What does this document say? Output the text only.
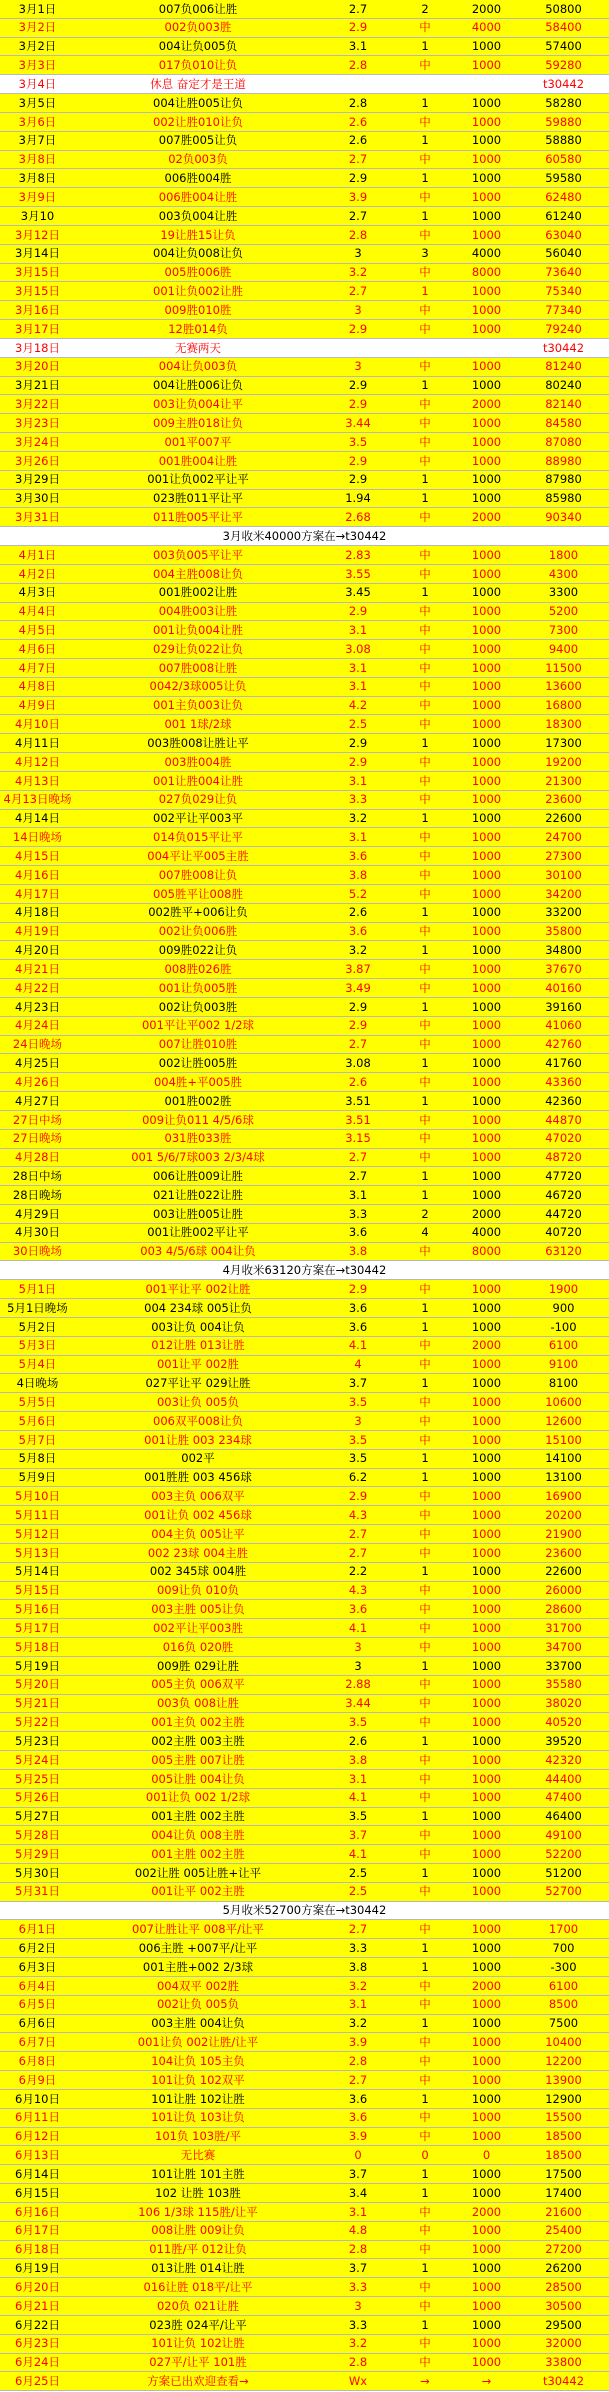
3月1日	007负006让胜	2.7	2	2000	50800
3月2日	002负003胜	2.9	中	4000	58400
3月2日	004让负005负	3.1	1	1000	57400
3月3日	017负010让负	2.8	中	1000	59280
3月4日	休息 奋定才是王道	t30442
3月5日	004让胜005让负	2.8	1	1000	58280
3月6日	002让胜010让负	2.6	中	1000	59880
3月7日	007胜005让负	2.6	1	1000	58880
3月8日	02负003负	2.7	中	1000	60580
3月8日	006胜004胜	2.9	1	1000	59580
3月9日	006胜004让胜	3.9	中	1000	62480
3月10	003负004让胜	2.7	1	1000	61240
3月12日	19让胜15让负	2.8	中	1000	63040
3月14日	004让负008让负	3	3	4000	56040
3月15日	005胜006胜	3.2	中	8000	73640
3月15日	001让负002让胜	2.7	1	1000	75340
3月16日	009胜010胜	3	中	1000	77340
3月17日	12胜014负	2.9	中	1000	79240
3月18日	无赛两天	t30442
3月20日	004让负003负	3	中	1000	81240
3月21日	004让胜006让负	2.9	1	1000	80240
3月22日	003让负004让平	2.9	中	2000	82140
3月23日	009主胜018让负	3.44	中	1000	84580
3月24日	001平007平	3.5	中	1000	87080
3月26日	001胜004让胜	2.9	中	1000	88980
3月29日	001让负002平让平	2.9	1	1000	87980
3月30日	023胜011平让平	1.94	1	1000	85980
3月31日	011胜005平让平	2.68	中	2000	90340
3月收米40000方案在→t30442
4月1日	003负005平让平	2.83	中	1000	1800
4月2日	004主胜008让负	3.55	中	1000	4300
4月3日	001胜002让胜	3.45	1	1000	3300
4月4日	004胜003让胜	2.9	中	1000	5200
4月5日	001让负004让胜	3.1	中	1000	7300
4月6日	029让负022让负	3.08	中	1000	9400
4月7日	007胜008让胜	3.1	中	1000	11500
4月8日	0042/3球005让负	3.1	中	1000	13600
4月9日	001主负003让负	4.2	中	1000	16800
4月10日	001 1球/2球	2.5	中	1000	18300
4月11日	003胜008让胜让平	2.9	1	1000	17300
4月12日	003胜004胜	2.9	中	1000	19200
4月13日	001让胜004让胜	3.1	中	1000	21300
4月13日晚场	027负029让负	3.3	中	1000	23600
4月14日	002平让平003平	3.2	1	1000	22600
14日晚场	014负015平让平	3.1	中	1000	24700
4月15日	004平让平005主胜	3.6	中	1000	27300
4月16日	007胜008让负	3.8	中	1000	30100
4月17日	005胜平让008胜	5.2	中	1000	34200
4月18日	002胜平+006让负	2.6	1	1000	33200
4月19日	002让负006胜	3.6	中	1000	35800
4月20日	009胜022让负	3.2	1	1000	34800
4月21日	008胜026胜	3.87	中	1000	37670
4月22日	001让负005胜	3.49	中	1000	40160
4月23日	002让负003胜	2.9	1	1000	39160
4月24日	001平让平002 1/2球	2.9	中	1000	41060
24日晚场	007让胜010胜	2.7	中	1000	42760
4月25日	002让胜005胜	3.08	1	1000	41760
4月26日	004胜+平005胜	2.6	中	1000	43360
4月27日	001胜002胜	3.51	1	1000	42360
27日中场	009让负011 4/5/6球	3.51	中	1000	44870
27日晚场	031胜033胜	3.15	中	1000	47020
4月28日	001 5/6/7球003 2/3/4球	2.7	中	1000	48720
28日中场	006让胜009让胜	2.7	1	1000	47720
28日晚场	021让胜022让胜	3.1	1	1000	46720
4月29日	003让胜005让胜	3.3	2	2000	44720
4月30日	001让胜002平让平	3.6	4	4000	40720
30日晚场	003 4/5/6球 004让负	3.8	中	8000	63120
4月收米63120方案在→t30442
5月1日	001平让平 002让胜	2.9	中	1000	1900
5月1日晚场	004 234球 005让负	3.6	1	1000	900
5月2日	003让负 004让负	3.6	1	1000	-100
5月3日	012让胜 013让胜	4.1	中	2000	6100
5月4日	001让平 002胜	4	中	1000	9100
4日晚场	027平让平 029让胜	3.7	1	1000	8100
5月5日	003让负 005负	3.5	中	1000	10600
5月6日	006双平008让负	3	中	1000	12600
5月7日	001让胜 003 234球	3.5	中	1000	15100
5月8日	002平	3.5	1	1000	14100
5月9日	001胜胜 003 456球	6.2	1	1000	13100
5月10日	003主负 006双平	2.9	中	1000	16900
5月11日	001让负 002 456球	4.3	中	1000	20200
5月12日	004主负 005让平	2.7	中	1000	21900
5月13日	002 23球 004主胜	2.7	中	1000	23600
5月14日	002 345球 004胜	2.2	1	1000	22600
5月15日	009让负 010负	4.3	中	1000	26000
5月16日	003主胜 005让负	3.6	中	1000	28600
5月17日	002平让平003胜	4.1	中	1000	31700
5月18日	016负 020胜	3	中	1000	34700
5月19日	009胜 029让胜	3	1	1000	33700
5月20日	005主负 006双平	2.88	中	1000	35580
5月21日	003负 008让胜	3.44	中	1000	38020
5月22日	001主负 002主胜	3.5	中	1000	40520
5月23日	002主胜 003主胜	2.6	1	1000	39520
5月24日	005主胜 007让胜	3.8	中	1000	42320
5月25日	005让胜 004让负	3.1	中	1000	44400
5月26日	001让负 002 1/2球	4.1	中	1000	47400
5月27日	001主胜 002主胜	3.5	1	1000	46400
5月28日	004让负 008主胜	3.7	中	1000	49100
5月29日	001主胜 002主胜	4.1	中	1000	52200
5月30日	002让胜 005让胜+让平	2.5	1	1000	51200
5月31日	001让平 002主胜	2.5	中	1000	52700
5月收米52700方案在→t30442
6月1日	007让胜让平 008平/让平	2.7	中	1000	1700
6月2日	006主胜 +007平/让平	3.3	1	1000	700
6月3日	001主胜+002 2/3球	3.8	1	1000	-300
6月4日	004双平 002胜	3.2	中	2000	6100
6月5日	002让负 005负	3.1	中	1000	8500
6月6日	003主胜 004让负	3.2	1	1000	7500
6月7日	001让负 002让胜/让平	3.9	中	1000	10400
6月8日	104让负 105主负	2.8	中	1000	12200
6月9日	101让负 102双平	2.7	中	1000	13900
6月10日	101让胜 102让胜	3.6	1	1000	12900
6月11日	101让负 103让负	3.6	中	1000	15500
6月12日	101负 103胜/平	3.9	中	1000	18500
6月13日	无比赛	0	0	0	18500
6月14日	101让胜 101主胜	3.7	1	1000	17500
6月15日	102 让胜 103胜	3.4	1	1000	17400
6月16日	106 1/3球 115胜/让平	3.1	中	2000	21600
6月17日	008让胜 009让负	4.8	中	1000	25400
6月18日	011胜/平 012让负	2.8	中	1000	27200
6月19日	013让胜 014让胜	3.7	1	1000	26200
6月20日	016让胜 018平/让平	3.3	中	1000	28500
6月21日	020负 021让胜	3	中	1000	30500
6月22日	023胜 024平/让平	3.3	1	1000	29500
6月23日	101让负 102让胜	3.2	中	1000	32000
6月24日	027平/让平 101胜	2.8	中	1000	33800
6月25日	方案已出欢迎查看→	Wx	→	→	t30442
